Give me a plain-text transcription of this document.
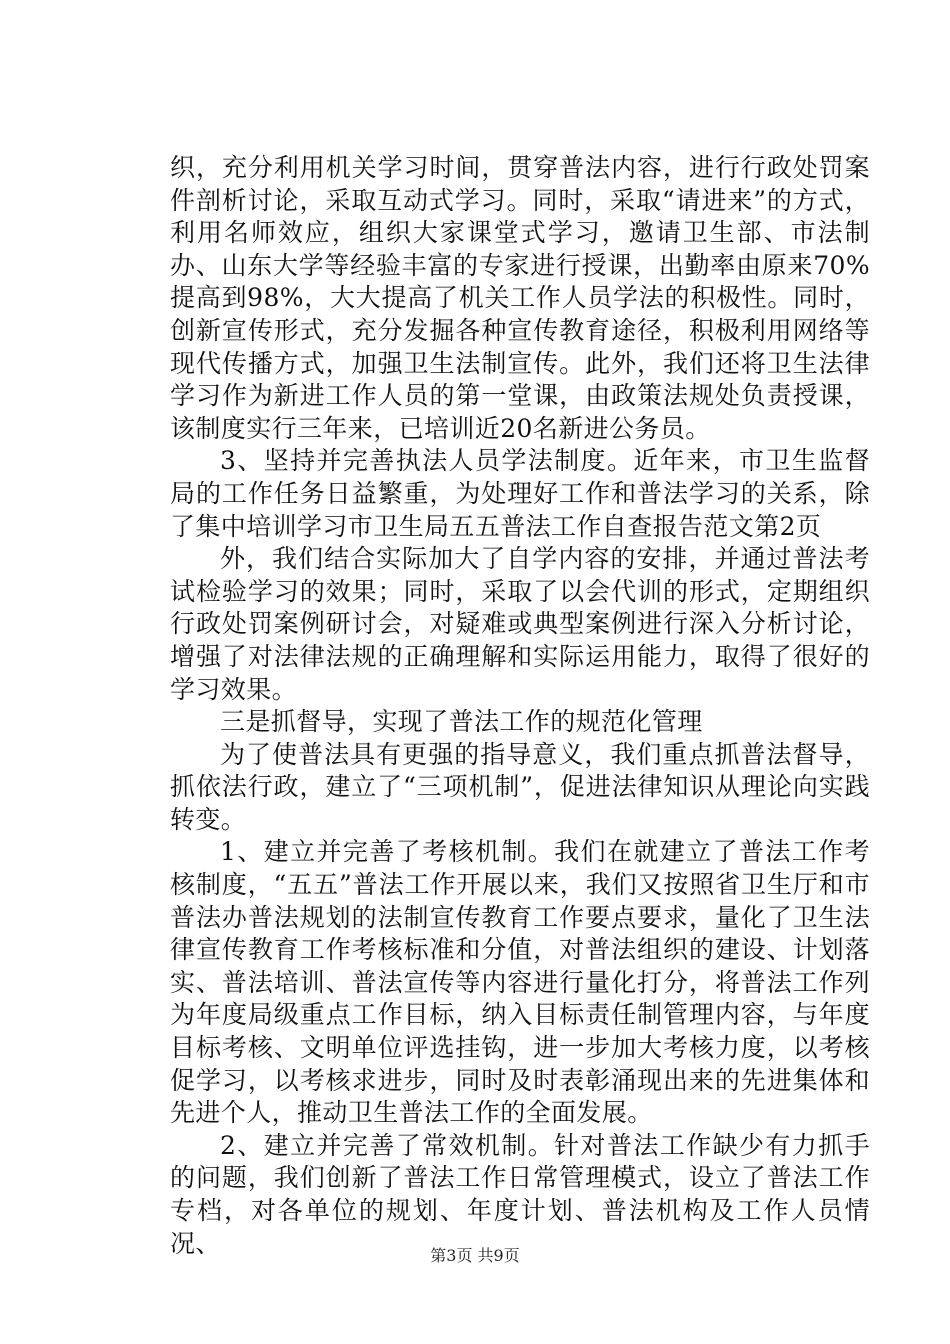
织，充分利用机关学习时间，贯穿普法内容，进行行政处罚案件剖析讨论，采取互动式学习。同时，采取“请进来”的方式，利用名师效应，组织大家课堂式学习，邀请卫生部、市法制办、山东大学等经验丰富的专家进行授课，出勤率由原来70%提高到98%，大大提高了机关工作人员学法的积极性。同时，创新宣传形式，充分发掘各种宣传教育途径，积极利用网络等现代传播方式，加强卫生法制宣传。此外，我们还将卫生法律学习作为新进工作人员的第一堂课，由政策法规处负责授课，该制度实行三年来，已培训近20名新进公务员。

3、坚持并完善执法人员学法制度。近年来，市卫生监督局的工作任务日益繁重，为处理好工作和普法学习的关系，除了集中培训学习市卫生局五五普法工作自查报告范文第2页

外，我们结合实际加大了自学内容的安排，并通过普法考试检验学习的效果；同时，采取了以会代训的形式，定期组织行政处罚案例研讨会，对疑难或典型案例进行深入分析讨论，增强了对法律法规的正确理解和实际运用能力，取得了很好的学习效果。

三是抓督导，实现了普法工作的规范化管理

为了使普法具有更强的指导意义，我们重点抓普法督导，抓依法行政，建立了“三项机制”，促进法律知识从理论向实践转变。

1、建立并完善了考核机制。我们在就建立了普法工作考核制度，“五五”普法工作开展以来，我们又按照省卫生厅和市普法办普法规划的法制宣传教育工作要点要求，量化了卫生法律宣传教育工作考核标准和分值，对普法组织的建设、计划落实、普法培训、普法宣传等内容进行量化打分，将普法工作列为年度局级重点工作目标，纳入目标责任制管理内容，与年度目标考核、文明单位评选挂钩，进一步加大考核力度，以考核促学习，以考核求进步，同时及时表彰涌现出来的先进集体和先进个人，推动卫生普法工作的全面发展。

2、建立并完善了常效机制。针对普法工作缺少有力抓手的问题，我们创新了普法工作日常管理模式，设立了普法工作专档，对各单位的规划、年度计划、普法机构及工作人员情况、	第3页 共9页
